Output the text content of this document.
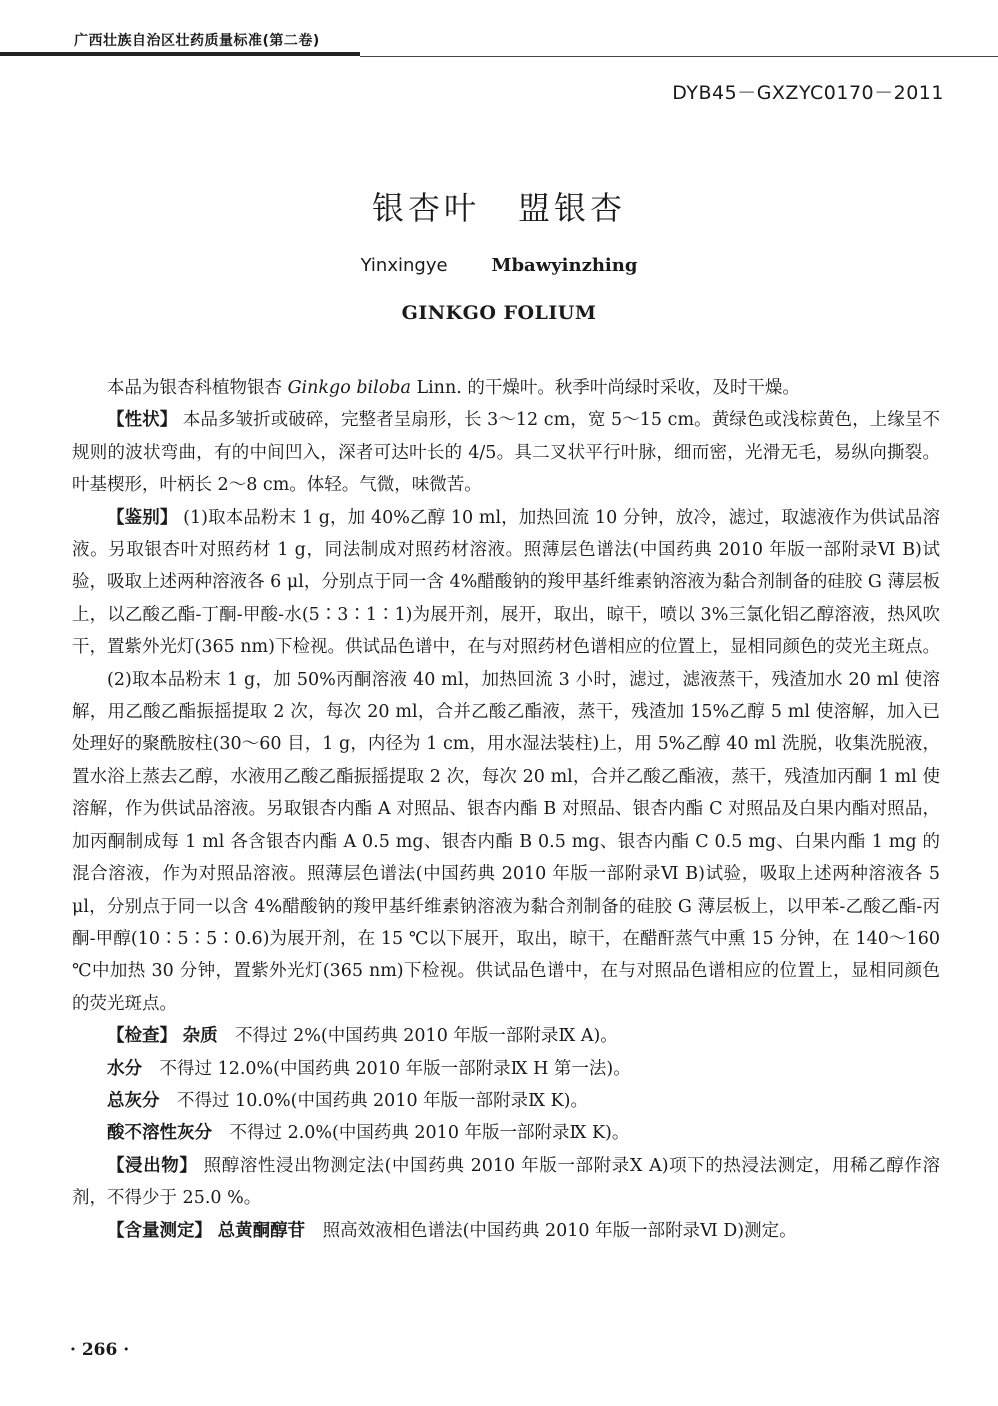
广西壮族自治区壮药质量标准(第二卷)
DYB45－GXZYC0170－2011
银杏叶 盟银杏
Yinxingye Mbawyinzhing
GINKGO FOLIUM

本品为银杏科植物银杏 Ginkgo biloba Linn. 的干燥叶。秋季叶尚绿时采收，及时干燥。

【性状】 本品多皱折或破碎，完整者呈扇形，长 3～12 cm，宽 5～15 cm。黄绿色或浅棕黄色，上缘呈不规则的波状弯曲，有的中间凹入，深者可达叶长的 4/5。具二叉状平行叶脉，细而密，光滑无毛，易纵向撕裂。叶基楔形，叶柄长 2～8 cm。体轻。气微，味微苦。

【鉴别】 (1)取本品粉末 1 g，加 40%乙醇 10 ml，加热回流 10 分钟，放冷，滤过，取滤液作为供试品溶液。另取银杏叶对照药材 1 g，同法制成对照药材溶液。照薄层色谱法(中国药典 2010 年版一部附录Ⅵ B)试验，吸取上述两种溶液各 6 μl，分别点于同一含 4%醋酸钠的羧甲基纤维素钠溶液为黏合剂制备的硅胶 G 薄层板上，以乙酸乙酯-丁酮-甲酸-水(5∶3∶1∶1)为展开剂，展开，取出，晾干，喷以 3%三氯化铝乙醇溶液，热风吹干，置紫外光灯(365 nm)下检视。供试品色谱中，在与对照药材色谱相应的位置上，显相同颜色的荧光主斑点。

(2)取本品粉末 1 g，加 50%丙酮溶液 40 ml，加热回流 3 小时，滤过，滤液蒸干，残渣加水 20 ml 使溶解，用乙酸乙酯振摇提取 2 次，每次 20 ml，合并乙酸乙酯液，蒸干，残渣加 15%乙醇 5 ml 使溶解，加入已处理好的聚酰胺柱(30～60 目，1 g，内径为 1 cm，用水湿法装柱)上，用 5%乙醇 40 ml 洗脱，收集洗脱液，置水浴上蒸去乙醇，水液用乙酸乙酯振摇提取 2 次，每次 20 ml，合并乙酸乙酯液，蒸干，残渣加丙酮 1 ml 使溶解，作为供试品溶液。另取银杏内酯 A 对照品、银杏内酯 B 对照品、银杏内酯 C 对照品及白果内酯对照品，加丙酮制成每 1 ml 各含银杏内酯 A 0.5 mg、银杏内酯 B 0.5 mg、银杏内酯 C 0.5 mg、白果内酯 1 mg 的混合溶液，作为对照品溶液。照薄层色谱法(中国药典 2010 年版一部附录Ⅵ B)试验，吸取上述两种溶液各 5 μl，分别点于同一以含 4%醋酸钠的羧甲基纤维素钠溶液为黏合剂制备的硅胶 G 薄层板上，以甲苯-乙酸乙酯-丙酮-甲醇(10∶5∶5∶0.6)为展开剂，在 15 ℃以下展开，取出，晾干，在醋酐蒸气中熏 15 分钟，在 140～160 ℃中加热 30 分钟，置紫外光灯(365 nm)下检视。供试品色谱中，在与对照品色谱相应的位置上，显相同颜色的荧光斑点。

【检查】 杂质　 不得过 2%(中国药典 2010 年版一部附录Ⅸ A)。

水分　 不得过 12.0%(中国药典 2010 年版一部附录Ⅸ H 第一法)。

总灰分　 不得过 10.0%(中国药典 2010 年版一部附录Ⅸ K)。

酸不溶性灰分　 不得过 2.0%(中国药典 2010 年版一部附录Ⅸ K)。

【浸出物】 照醇溶性浸出物测定法(中国药典 2010 年版一部附录Ⅹ A)项下的热浸法测定，用稀乙醇作溶剂，不得少于 25.0 %。

【含量测定】 总黄酮醇苷　 照高效液相色谱法(中国药典 2010 年版一部附录Ⅵ D)测定。

· 266 ·
